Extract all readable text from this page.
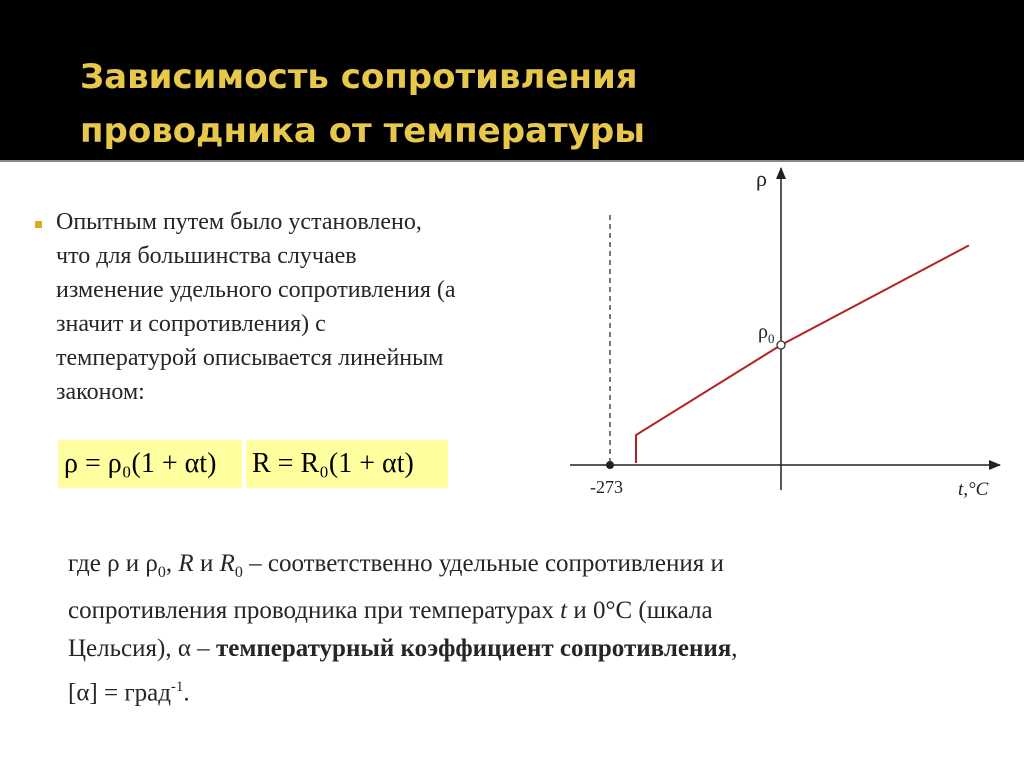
Зависимость сопротивления
проводника от температуры
Опытным путем было установлено,
что для большинства случаев
изменение удельного сопротивления (а
значит и сопротивления) с
температурой описывается линейным
законом:
ρ = ρ₀(1 + αt)	R = R₀(1 + αt)
ρ
$\rho_0$
-273	t,°C
где ρ и $\rho_0$, R и $R_0$ – соответственно удельные сопротивления и
сопротивления проводника при температурах t и 0°С (шкала
Цельсия), α – температурный коэффициент сопротивления,
[α] = град$^{-1}$.
